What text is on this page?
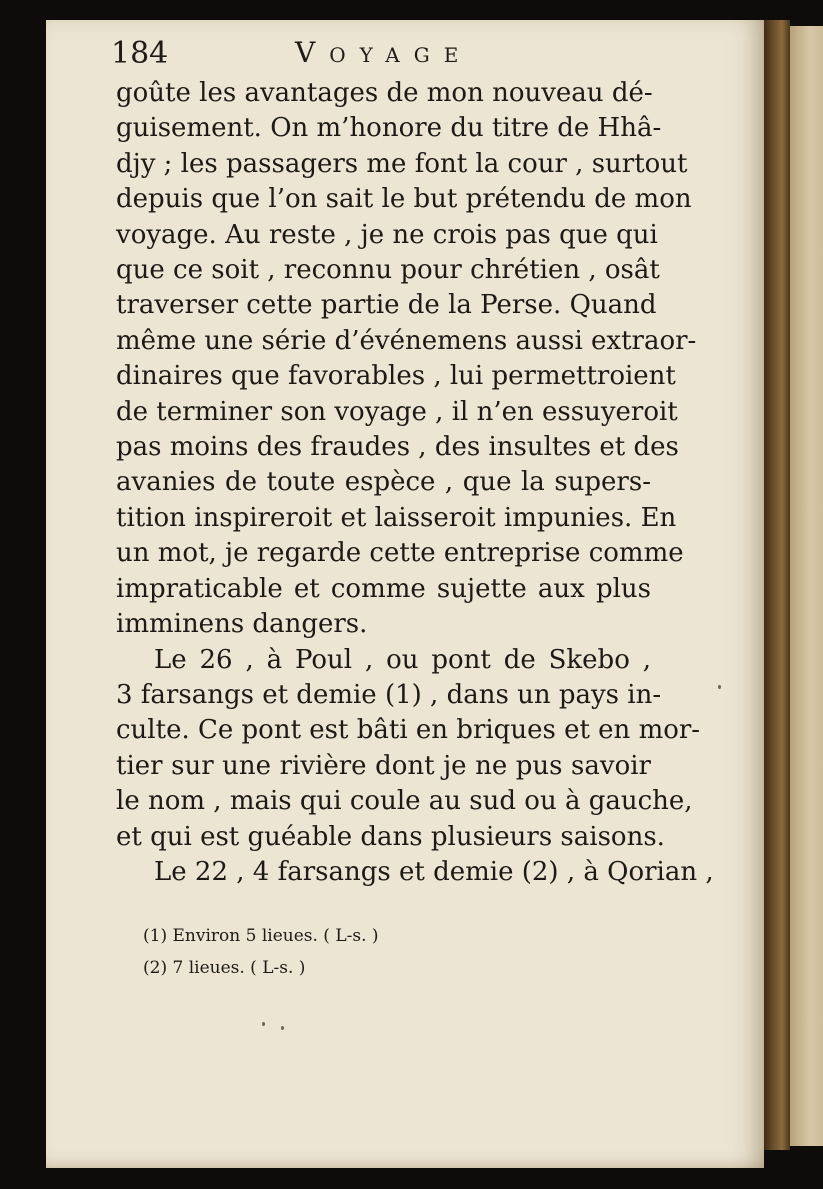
184	Voyage
goûte les avantages de mon nouveau dé-
guisement. On m’honore du titre de Hhâ-
djy ; les passagers me font la cour , surtout
depuis que l’on sait le but prétendu de mon
voyage. Au reste , je ne crois pas que qui
que ce soit , reconnu pour chrétien , osât
traverser cette partie de la Perse. Quand
même une série d’événemens aussi extraor-
dinaires que favorables , lui permettroient
de terminer son voyage , il n’en essuyeroit
pas moins des fraudes , des insultes et des
avanies de toute espèce , que la supers-
tition inspireroit et laisseroit impunies. En
un mot, je regarde cette entreprise comme
impraticable et comme sujette aux plus
imminens dangers.
Le 26 , à Poul , ou pont de Skebo ,
3 farsangs et demie (1) , dans un pays in-
culte. Ce pont est bâti en briques et en mor-
tier sur une rivière dont je ne pus savoir
le nom , mais qui coule au sud ou à gauche,
et qui est guéable dans plusieurs saisons.
Le 22 , 4 farsangs et demie (2) , à Qorian ,
(1) Environ 5 lieues. ( L-s. )
(2) 7 lieues. ( L-s. )
